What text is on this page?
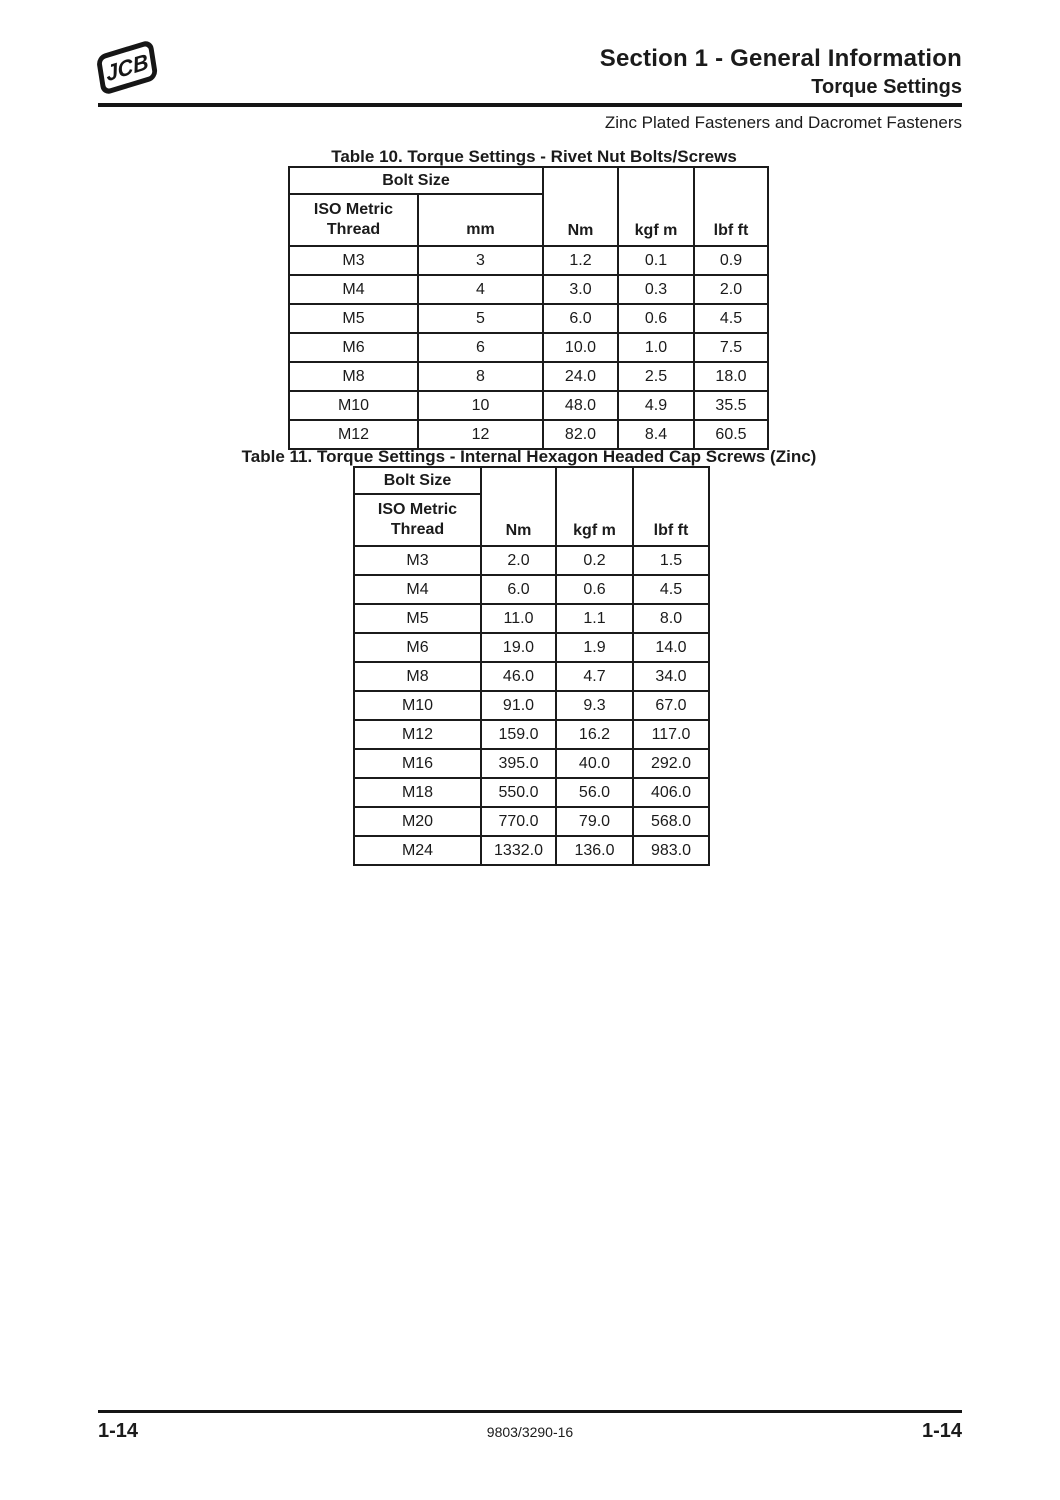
JCB	Section 1 - General Information
Torque Settings
Zinc Plated Fasteners and Dacromet Fasteners
Table 10. Torque Settings - Rivet Nut Bolts/Screws
Bolt Size		Nm	kgf m	lbf ft
ISO Metric Thread	mm			
M3	3	1.2	0.1	0.9
M4	4	3.0	0.3	2.0
M5	5	6.0	0.6	4.5
M6	6	10.0	1.0	7.5
M8	8	24.0	2.5	18.0
M10	10	48.0	4.9	35.5
M12	12	82.0	8.4	60.5
Table 11. Torque Settings - Internal Hexagon Headed Cap Screws (Zinc)
Bolt Size	Nm	kgf m	lbf ft
ISO Metric Thread			
M3	2.0	0.2	1.5
M4	6.0	0.6	4.5
M5	11.0	1.1	8.0
M6	19.0	1.9	14.0
M8	46.0	4.7	34.0
M10	91.0	9.3	67.0
M12	159.0	16.2	117.0
M16	395.0	40.0	292.0
M18	550.0	56.0	406.0
M20	770.0	79.0	568.0
M24	1332.0	136.0	983.0
1-14	9803/3290-16	1-14
